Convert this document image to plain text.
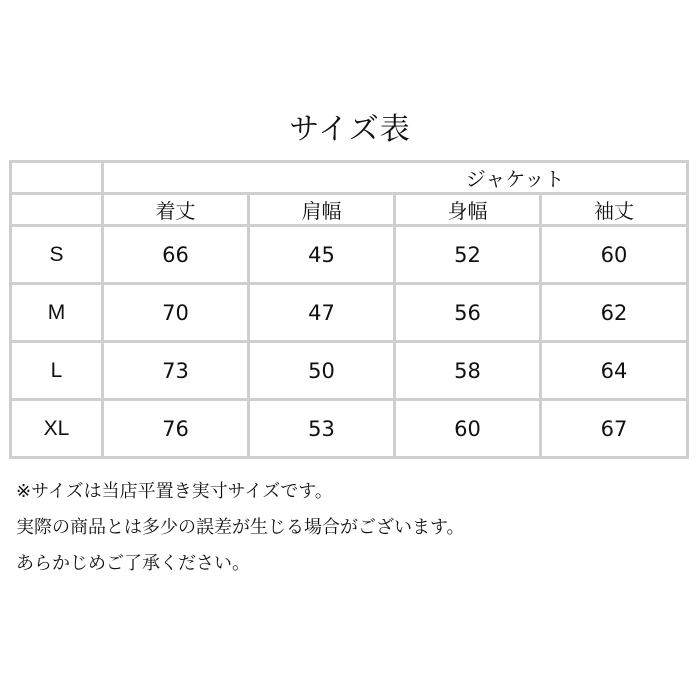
サイズ表
	ジャケット			
	着丈	肩幅	身幅	袖丈
S	66	45	52	60
M	70	47	56	62
L	73	50	58	64
XL	76	53	60	67
※サイズは当店平置き実寸サイズです。
実際の商品とは多少の誤差が生じる場合がございます。
あらかじめご了承ください。
